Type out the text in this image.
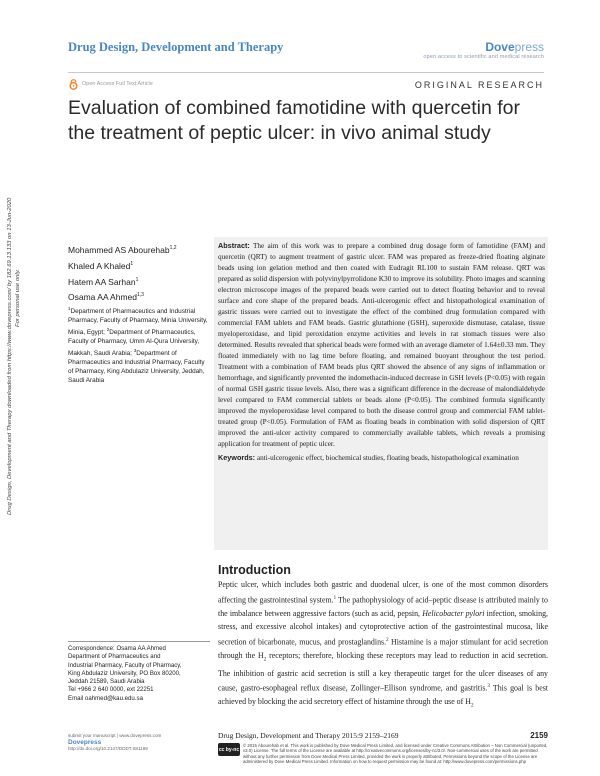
Drug Design, Development and Therapy	Dovepress
open access to scientific and medical research
Open Access Full Text Article	ORIGINAL RESEARCH
Evaluation of combined famotidine with quercetin for the treatment of peptic ulcer: in vivo animal study
Mohammed AS Abourehab$^{1,2}$
Khaled A Khaled$^1$
Hatem AA Sarhan$^1$
Osama AA Ahmed$^{1,3}$
$^1$Department of Pharmaceutics and Industrial Pharmacy, Faculty of Pharmacy, Minia University, Minia, Egypt; $^2$Department of Pharmaceutics, Faculty of Pharmacy, Umm Al-Qura University, Makkah, Saudi Arabia; $^3$Department of Pharmaceutics and Industrial Pharmacy, Faculty of Pharmacy, King Abdulaziz University, Jeddah, Saudi Arabia
Drug Design, Development and Therapy downloaded from https://www.dovepress.com/ by 182.69.13.133 on 13-Jun-2020 For personal use only.
Abstract: The aim of this work was to prepare a combined drug dosage form of famotidine (FAM) and quercetin (QRT) to augment treatment of gastric ulcer. FAM was prepared as freeze-dried floating alginate beads using ion gelation method and then coated with Eudragit RL100 to sustain FAM release. QRT was prepared as solid dispersion with polyvinylpyrrolidone K30 to improve its solubility. Photo images and scanning electron microscope images of the prepared beads were carried out to detect floating behavior and to reveal surface and core shape of the prepared beads. Anti-ulcerogenic effect and histopathological examination of gastric tissues were carried out to investigate the effect of the combined drug formulation compared with commercial FAM tablets and FAM beads. Gastric glutathione (GSH), superoxide dismutase, catalase, tissue myeloperoxidase, and lipid peroxidation enzyme activities and levels in rat stomach tissues were also determined. Results revealed that spherical beads were formed with an average diameter of 1.64±0.33 mm. They floated immediately with no lag time before floating, and remained buoyant throughout the test period. Treatment with a combination of FAM beads plus QRT showed the absence of any signs of inflammation or hemorrhage, and significantly prevented the indomethacin-induced decrease in GSH levels (P<0.05) with regain of normal GSH gastric tissue levels. Also, there was a significant difference in the decrease of malondialdehyde level compared to FAM commercial tablets or beads alone (P<0.05). The combined formula significantly improved the myeloperoxidase level compared to both the disease control group and commercial FAM tablet-treated group (P<0.05). Formulation of FAM as floating beads in combination with solid dispersion of QRT improved the anti-ulcer activity compared to commercially available tablets, which reveals a promising application for treatment of peptic ulcer.
Keywords: anti-ulcerogenic effect, biochemical studies, floating beads, histopathological examination
Introduction
Peptic ulcer, which includes both gastric and duodenal ulcer, is one of the most common disorders affecting the gastrointestinal system.$^1$ The pathophysiology of acid–peptic disease is attributed mainly to the imbalance between aggressive factors (such as acid, pepsin, Helicobacter pylori infection, smoking, stress, and excessive alcohol intakes) and cytoprotective action of the gastrointestinal mucosa, like secretion of bicarbonate, mucus, and prostaglandins.$^2$ Histamine is a major stimulant for acid secretion through the $H_2$ receptors; therefore, blocking these receptors may lead to reduction in acid secretion. The inhibition of gastric acid secretion is still a key therapeutic target for the ulcer diseases of any cause, gastro-esophageal reflux disease, Zollinger–Ellison syndrome, and gastritis.$^3$ This goal is best achieved by blocking the acid secretory effect of histamine through the use of $H_2$
Correspondence: Osama AA Ahmed
Department of Pharmaceutics and
Industrial Pharmacy, Faculty of Pharmacy,
King Abdulaziz University, PO Box 80200,
Jeddah 21589, Saudi Arabia
Tel +966 2 640 0000, ext 22251
Email oahmed@kau.edu.sa
submit your manuscript | www.dovepress.com
Dovepress
http://dx.doi.org/10.2147/DDDT.S81169
Drug Design, Development and Therapy 2015:9 2159–2169	2159
cc by-nc
© 2015 Abourehab et al. This work is published by Dove Medical Press Limited, and licensed under Creative Commons Attribution – Non Commercial (unported, v3.0) License. The full terms of the License are available at http://creativecommons.org/licenses/by-nc/3.0/. Non-commercial uses of the work are permitted without any further permission from Dove Medical Press Limited, provided the work is properly attributed. Permissions beyond the scope of the License are administered by Dove Medical Press Limited. Information on how to request permission may be found at: http://www.dovepress.com/permissions.php
